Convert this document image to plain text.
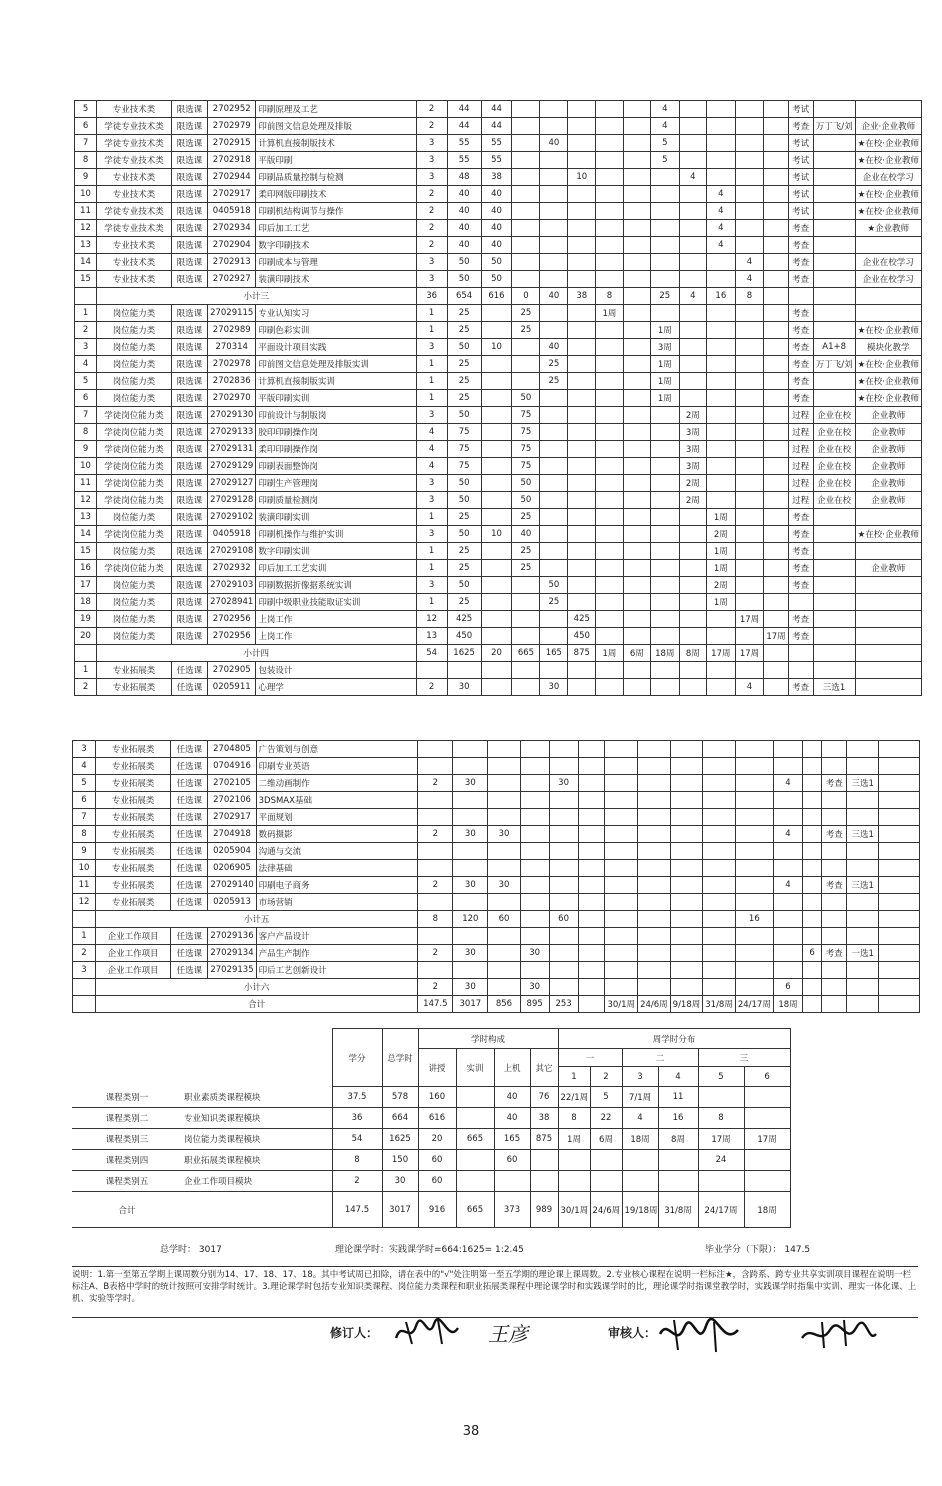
5	专业技术类	限选课	2702952	印刷原理及工艺	2	44	44						4					考试		
6	学徒专业技术类	限选课	2702979	印前图文信息处理及排版	2	44	44						4					考查	万丁飞/刘	企业·企业教师
7	学徒专业技术类	限选课	2702915	计算机直接制版技术	3	55	55		40				5					考试		★在校·企业教师
8	学徒专业技术类	限选课	2702918	平版印刷	3	55	55						5					考试		★在校·企业教师
9	专业技术类	限选课	2702944	印刷品质量控制与检测	3	48	38			10				4				考试		企业在校学习
10	专业技术类	限选课	2702917	柔印网版印刷技术	2	40	40								4			考试		★在校·企业教师
11	学徒专业技术类	限选课	0405918	印刷机结构调节与操作	2	40	40								4			考试		★在校·企业教师
12	学徒专业技术类	限选课	2702934	印后加工工艺	2	40	40								4			考查		★企业教师
13	专业技术类	限选课	2702904	数字印刷技术	2	40	40								4			考查		
14	专业技术类	限选课	2702913	印刷成本与管理	3	50	50									4		考查		企业在校学习
15	专业技术类	限选课	2702927	装潢印刷技术	3	50	50									4		考查		企业在校学习
	小计三				36	654	616	0	40	38	8		25	4	16	8				
1	岗位能力类	限选课	27029115	专业认知实习	1	25		25			1周							考查		
2	岗位能力类	限选课	2702989	印刷色彩实训	1	25		25					1周					考查		★在校·企业教师
3	岗位能力类	限选课	270314	平面设计项目实践	3	50	10		40				3周					考查	A1+8	模块化教学
4	岗位能力类	限选课	2702978	印前图文信息处理及排版实训	1	25			25				1周					考查	万丁飞/刘	★在校·企业教师
5	岗位能力类	限选课	2702836	计算机直接制版实训	1	25			25				1周					考查		★在校·企业教师
6	岗位能力类	限选课	2702970	平版印刷实训	1	25		50					1周					考查		★在校·企业教师
7	学徒岗位能力类	限选课	27029130	印前设计与制版岗	3	50		75						2周				过程	企业在校	企业教师
8	学徒岗位能力类	限选课	27029133	胶印印刷操作岗	4	75		75						3周				过程	企业在校	企业教师
9	学徒岗位能力类	限选课	27029131	柔印印刷操作岗	4	75		75						3周				过程	企业在校	企业教师
10	学徒岗位能力类	限选课	27029129	印刷表面整饰岗	4	75		75						3周				过程	企业在校	企业教师
11	学徒岗位能力类	限选课	27029127	印刷生产管理岗	3	50		50						2周				过程	企业在校	企业教师
12	学徒岗位能力类	限选课	27029128	印刷质量检测岗	3	50		50						2周				过程	企业在校	企业教师
13	岗位能力类	限选课	27029102	装潢印刷实训	1	25		25							1周			考查		
14	学徒岗位能力类	限选课	0405918	印刷机操作与维护实训	3	50	10	40							2周			考查		★在校·企业教师
15	岗位能力类	限选课	27029108	数字印刷实训	1	25		25							1周			考查		
16	学徒岗位能力类	限选课	2702932	印后加工工艺实训	1	25		25							1周			考查		企业教师
17	岗位能力类	限选课	27029103	印刷数据折像据系统实训	3	50			50						2周			考查		
18	岗位能力类	限选课	27028941	印刷中级职业技能取证实训	1	25			25						1周					
19	岗位能力类	限选课	2702956	上岗工作	12	425				425						17周		考查		
20	岗位能力类	限选课	2702956	上岗工作	13	450				450							17周	考查		
	小计四				54	1625	20	665	165	875	1周	6周	18周	8周	17周	17周				
1	专业拓展类	任选课	2702905	包装设计																
2	专业拓展类	任选课	0205911	心理学	2	30			30							4		考查	三选1	
3	专业拓展类	任选课	2704805	广告策划与创意																
4	专业拓展类	任选课	0704916	印刷专业英语																
5	专业拓展类	任选课	2702105	二维动画制作	2	30			30							4		考查	三选1	
6	专业拓展类	任选课	2702106	3DSMAX基础																
7	专业拓展类	任选课	2702917	平面规划																
8	专业拓展类	任选课	2704918	数码摄影	2	30	30									4		考查	三选1	
9	专业拓展类	任选课	0205904	沟通与交流																
10	专业拓展类	任选课	0206905	法律基础																
11	专业拓展类	任选课	27029140	印刷电子商务	2	30	30									4		考查	三选1	
12	专业拓展类	任选课	0205913	市场营销																
	小计五				8	120	60		60						16					
1	企业工作项目	任选课	27029136	客户产品设计																
2	企业工作项目	任选课	27029134	产品生产制作	2	30		30									6	考查	一选1	
3	企业工作项目	任选课	27029135	印后工艺创新设计																
	小计六				2	30		30								6				
	合计				147.5	3017	856	895	253		30/1周	24/6周	9/18周	31/8周	24/17周	18周				
		学分	总学时	学时构成				周学时分布						
				讲授	实训	上机	其它	一		二		三		
								1	2	3	4	5	6	
课程类别一	职业素质类课程模块	37.5	578	160		40	76	22/1周	5	7/1周	11			
课程类别二	专业知识类课程模块	36	664	616		40	38	8	22	4	16	8		
课程类别三	岗位能力类课程模块	54	1625	20	665	165	875	1周	6周	18周	8周	17周	17周	
课程类别四	职业拓展类课程模块	8	150	60		60						24		
课程类别五	企业工作项目模块	2	30	60										
合计		147.5	3017	916	665	373	989	30/1周	24/6周	19/18周	31/8周	24/17周	18周	
总学时： 3017	理论课学时：实践课学时=664:1625= 1:2.45	毕业学分（下限）： 147.5
说明：1.第一至第五学期上课周数分别为14、17、18、17、18。其中考试周已扣除，请在表中的"√"处注明第一至五学期的理论课上课周数。2.专业核心课程在说明一栏标注★，含跨系、跨专业共享实训项目课程在说明一栏标注A、B表格中学时的统计按照可安排学时统计。3.理论课学时包括专业知识类课程、岗位能力类课程和职业拓展类课程中理论课学时和实践课学时的比，理论课学时指课堂教学时，实践课学时指集中实训、理实一体化课、上机、实验等学时。
修订人：	王彦	审核人：
38
